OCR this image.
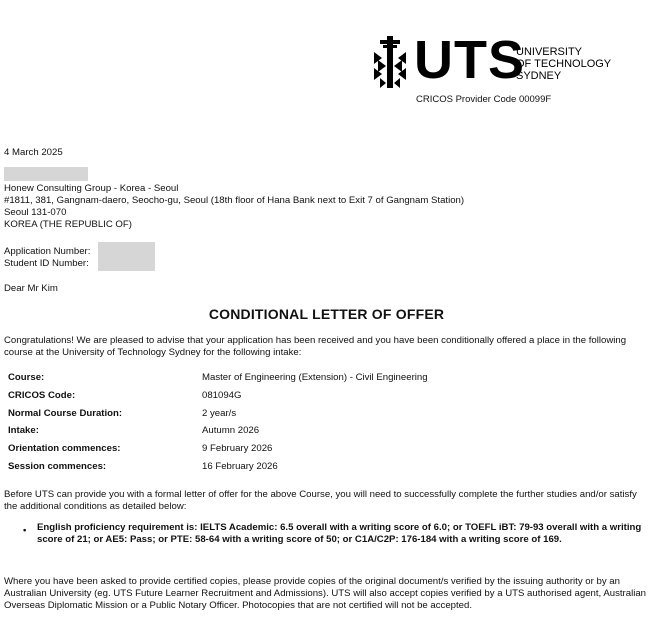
UTS
UNIVERSITY
OF TECHNOLOGY
SYDNEY
CRICOS Provider Code 00099F
4 March 2025
Honew Consulting Group - Korea - Seoul
#1811, 381, Gangnam-daero, Seocho-gu, Seoul (18th floor of Hana Bank next to Exit 7 of Gangnam Station)
Seoul 131-070
KOREA (THE REPUBLIC OF)
Application Number:
Student ID Number:
Dear Mr Kim
CONDITIONAL LETTER OF OFFER
Congratulations! We are pleased to advise that your application has been received and you have been conditionally offered a place in the following course at the University of Technology Sydney for the following intake:
Course:	Master of Engineering (Extension) - Civil Engineering
CRICOS Code:	081094G
Normal Course Duration:	2 year/s
Intake:	Autumn 2026
Orientation commences:	9 February 2026
Session commences:	16 February 2026
Before UTS can provide you with a formal letter of offer for the above Course, you will need to successfully complete the further studies and/or satisfy the additional conditions as detailed below:
• English proficiency requirement is: IELTS Academic: 6.5 overall with a writing score of 6.0; or TOEFL iBT: 79-93 overall with a writing score of 21; or AE5: Pass; or PTE: 58-64 with a writing score of 50; or C1A/C2P: 176-184 with a writing score of 169.
Where you have been asked to provide certified copies, please provide copies of the original document/s verified by the issuing authority or by an Australian University (eg. UTS Future Learner Recruitment and Admissions). UTS will also accept copies verified by a UTS authorised agent, Australian Overseas Diplomatic Mission or a Public Notary Officer. Photocopies that are not certified will not be accepted.
